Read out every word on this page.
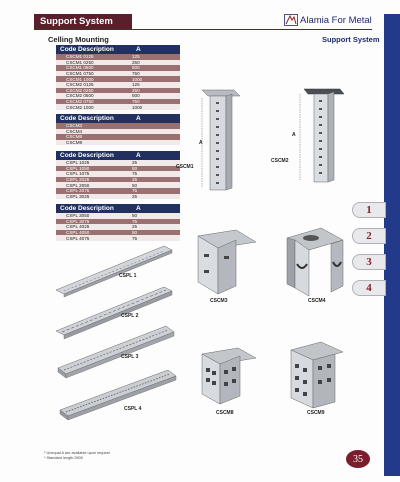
Support System	Alamia For Metal
Support System
Celling Mounting
Code Description	A
CSCM1 0125	125
CSCM1 0250	250
CSCM1 0500	500
CSCM1 0750	750
CSCM1 1000	1000
CSCM2 0125	125
CSCM2 0250	250
CSCM2 0500	500
CSCM2 0750	750
CSCM2 1000	1000
Code Description	A
CSCM3
CSCM4
CSCM8
CSCM9
Code Description	A
CSPL 1025	25
CSPL 1050	50
CSPL 1075	75
CSPL 2025	25
CSPL 2050	50
CSPL 2075	75
CSPL 3025	25
Code Description	A
CSPL 3050	50
CSPL 3075	75
CSPL 4025	25
CSPL 4050	50
CSPL 4075	75
A
CSCM1
A
CSCM2
CSCM3	CSCM4
CSPL 1
CSPL 2
CSPL 3
CSPL 4
CSCM8	CSCM9
1
2
3
4
* Unequal A are available upon request
* Standard length 2500	35
